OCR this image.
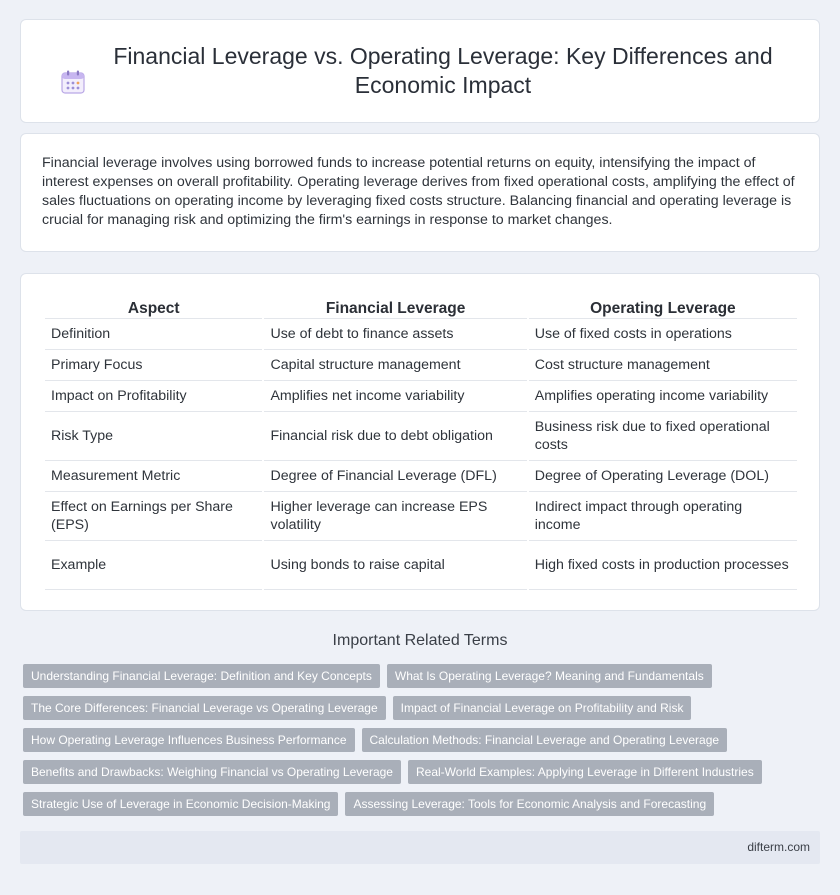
Financial Leverage vs. Operating Leverage: Key Differences and Economic Impact

Financial leverage involves using borrowed funds to increase potential returns on equity, intensifying the impact of interest expenses on overall profitability. Operating leverage derives from fixed operational costs, amplifying the effect of sales fluctuations on operating income by leveraging fixed costs structure. Balancing financial and operating leverage is crucial for managing risk and optimizing the firm's earnings in response to market changes.

Aspect	Financial Leverage	Operating Leverage
Definition	Use of debt to finance assets	Use of fixed costs in operations
Primary Focus	Capital structure management	Cost structure management
Impact on Profitability	Amplifies net income variability	Amplifies operating income variability
Risk Type	Financial risk due to debt obligation	Business risk due to fixed operational costs
Measurement Metric	Degree of Financial Leverage (DFL)	Degree of Operating Leverage (DOL)
Effect on Earnings per Share (EPS)	Higher leverage can increase EPS volatility	Indirect impact through operating income
Example	Using bonds to raise capital	High fixed costs in production processes
Important Related Terms
Understanding Financial Leverage: Definition and Key Concepts	What Is Operating Leverage? Meaning and Fundamentals
The Core Differences: Financial Leverage vs Operating Leverage	Impact of Financial Leverage on Profitability and Risk
How Operating Leverage Influences Business Performance	Calculation Methods: Financial Leverage and Operating Leverage
Benefits and Drawbacks: Weighing Financial vs Operating Leverage	Real-World Examples: Applying Leverage in Different Industries
Strategic Use of Leverage in Economic Decision-Making	Assessing Leverage: Tools for Economic Analysis and Forecasting
difterm.com
